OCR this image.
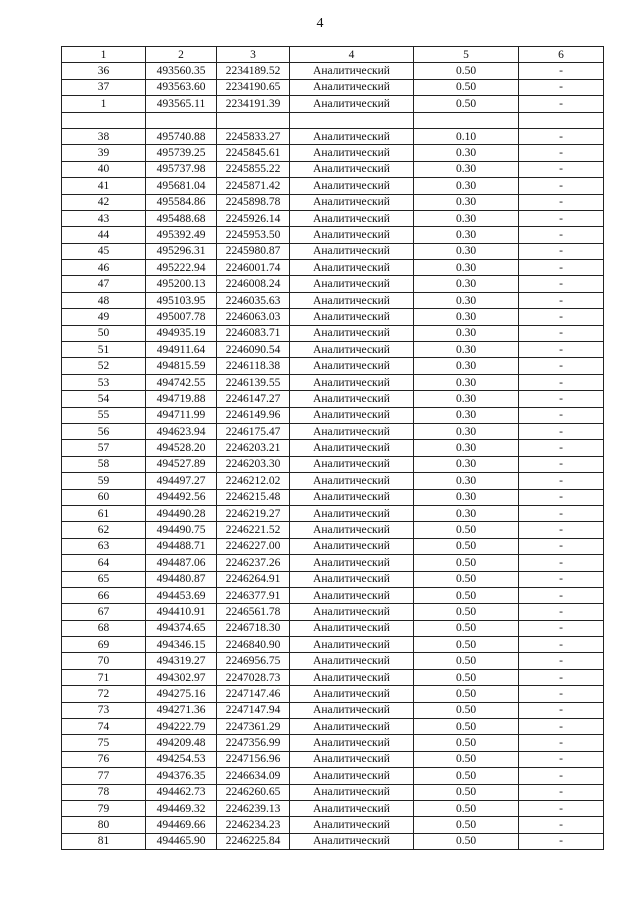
4
1	2	3	4	5	6
36	493560.35	2234189.52	Аналитический	0.50	-
37	493563.60	2234190.65	Аналитический	0.50	-
1	493565.11	2234191.39	Аналитический	0.50	-

38	495740.88	2245833.27	Аналитический	0.10	-
39	495739.25	2245845.61	Аналитический	0.30	-
40	495737.98	2245855.22	Аналитический	0.30	-
41	495681.04	2245871.42	Аналитический	0.30	-
42	495584.86	2245898.78	Аналитический	0.30	-
43	495488.68	2245926.14	Аналитический	0.30	-
44	495392.49	2245953.50	Аналитический	0.30	-
45	495296.31	2245980.87	Аналитический	0.30	-
46	495222.94	2246001.74	Аналитический	0.30	-
47	495200.13	2246008.24	Аналитический	0.30	-
48	495103.95	2246035.63	Аналитический	0.30	-
49	495007.78	2246063.03	Аналитический	0.30	-
50	494935.19	2246083.71	Аналитический	0.30	-
51	494911.64	2246090.54	Аналитический	0.30	-
52	494815.59	2246118.38	Аналитический	0.30	-
53	494742.55	2246139.55	Аналитический	0.30	-
54	494719.88	2246147.27	Аналитический	0.30	-
55	494711.99	2246149.96	Аналитический	0.30	-
56	494623.94	2246175.47	Аналитический	0.30	-
57	494528.20	2246203.21	Аналитический	0.30	-
58	494527.89	2246203.30	Аналитический	0.30	-
59	494497.27	2246212.02	Аналитический	0.30	-
60	494492.56	2246215.48	Аналитический	0.30	-
61	494490.28	2246219.27	Аналитический	0.30	-
62	494490.75	2246221.52	Аналитический	0.50	-
63	494488.71	2246227.00	Аналитический	0.50	-
64	494487.06	2246237.26	Аналитический	0.50	-
65	494480.87	2246264.91	Аналитический	0.50	-
66	494453.69	2246377.91	Аналитический	0.50	-
67	494410.91	2246561.78	Аналитический	0.50	-
68	494374.65	2246718.30	Аналитический	0.50	-
69	494346.15	2246840.90	Аналитический	0.50	-
70	494319.27	2246956.75	Аналитический	0.50	-
71	494302.97	2247028.73	Аналитический	0.50	-
72	494275.16	2247147.46	Аналитический	0.50	-
73	494271.36	2247147.94	Аналитический	0.50	-
74	494222.79	2247361.29	Аналитический	0.50	-
75	494209.48	2247356.99	Аналитический	0.50	-
76	494254.53	2247156.96	Аналитический	0.50	-
77	494376.35	2246634.09	Аналитический	0.50	-
78	494462.73	2246260.65	Аналитический	0.50	-
79	494469.32	2246239.13	Аналитический	0.50	-
80	494469.66	2246234.23	Аналитический	0.50	-
81	494465.90	2246225.84	Аналитический	0.50	-
